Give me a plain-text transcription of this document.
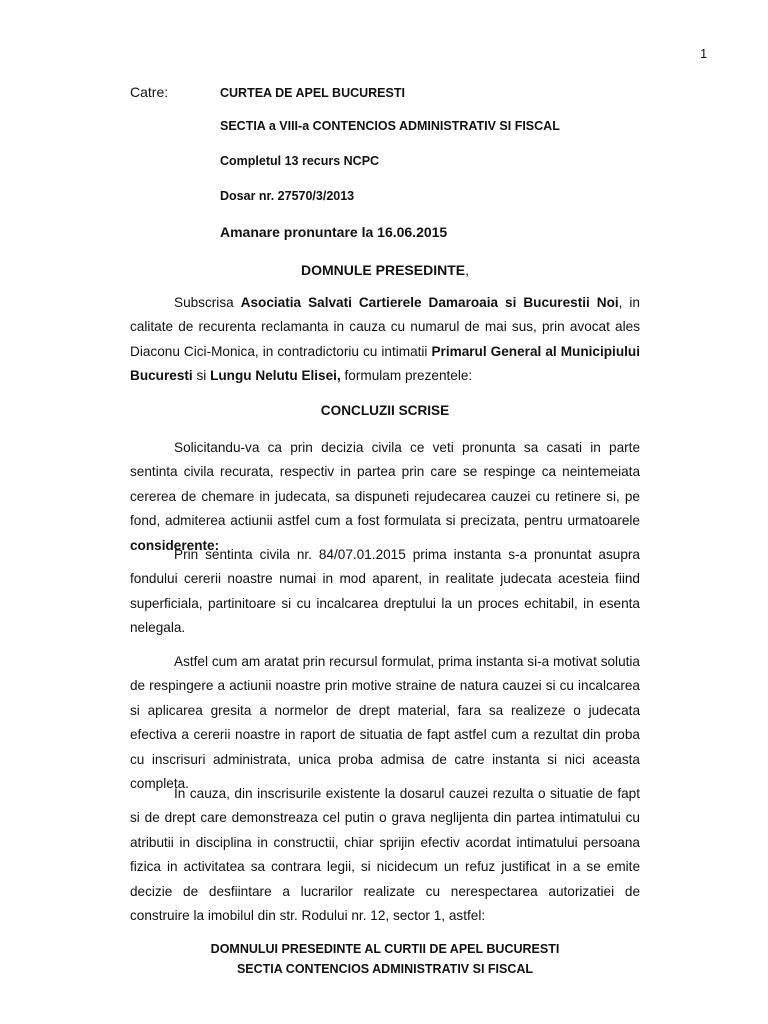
1
Catre:	CURTEA DE APEL BUCURESTI
SECTIA a VIII-a CONTENCIOS ADMINISTRATIV SI FISCAL
Completul 13 recurs NCPC
Dosar nr. 27570/3/2013
Amanare pronuntare la 16.06.2015
DOMNULE PRESEDINTE,

Subscrisa Asociatia Salvati Cartierele Damaroaia si Bucurestii Noi, in calitate de recurenta reclamanta in cauza cu numarul de mai sus, prin avocat ales Diaconu Cici-Monica, in contradictoriu cu intimatii Primarul General al Municipiului Bucuresti si Lungu Nelutu Elisei, formulam prezentele:

CONCLUZII SCRISE

Solicitandu-va ca prin decizia civila ce veti pronunta sa casati in parte sentinta civila recurata, respectiv in partea prin care se respinge ca neintemeiata cererea de chemare in judecata, sa dispuneti rejudecarea cauzei cu retinere si, pe fond, admiterea actiunii astfel cum a fost formulata si precizata, pentru urmatoarele considerente:

Prin sentinta civila nr. 84/07.01.2015 prima instanta s-a pronuntat asupra fondului cererii noastre numai in mod aparent, in realitate judecata acesteia fiind superficiala, partinitoare si cu incalcarea dreptului la un proces echitabil, in esenta nelegala.
Astfel cum am aratat prin recursul formulat, prima instanta si-a motivat solutia de respingere a actiunii noastre prin motive straine de natura cauzei si cu incalcarea si aplicarea gresita a normelor de drept material, fara sa realizeze o judecata efectiva a cererii noastre in raport de situatia de fapt astfel cum a rezultat din proba cu inscrisuri administrata, unica proba admisa de catre instanta si nici aceasta completa.
In cauza, din inscrisurile existente la dosarul cauzei rezulta o situatie de fapt si de drept care demonstreaza cel putin o grava neglijenta din partea intimatului cu atributii in disciplina in constructii, chiar sprijin efectiv acordat intimatului persoana fizica in activitatea sa contrara legii, si nicidecum un refuz justificat in a se emite decizie de desfiintare a lucrarilor realizate cu nerespectarea autorizatiei de construire la imobilul din str. Rodului nr. 12, sector 1, astfel:
DOMNULUI PRESEDINTE AL CURTII DE APEL BUCURESTI
SECTIA CONTENCIOS ADMINISTRATIV SI FISCAL
